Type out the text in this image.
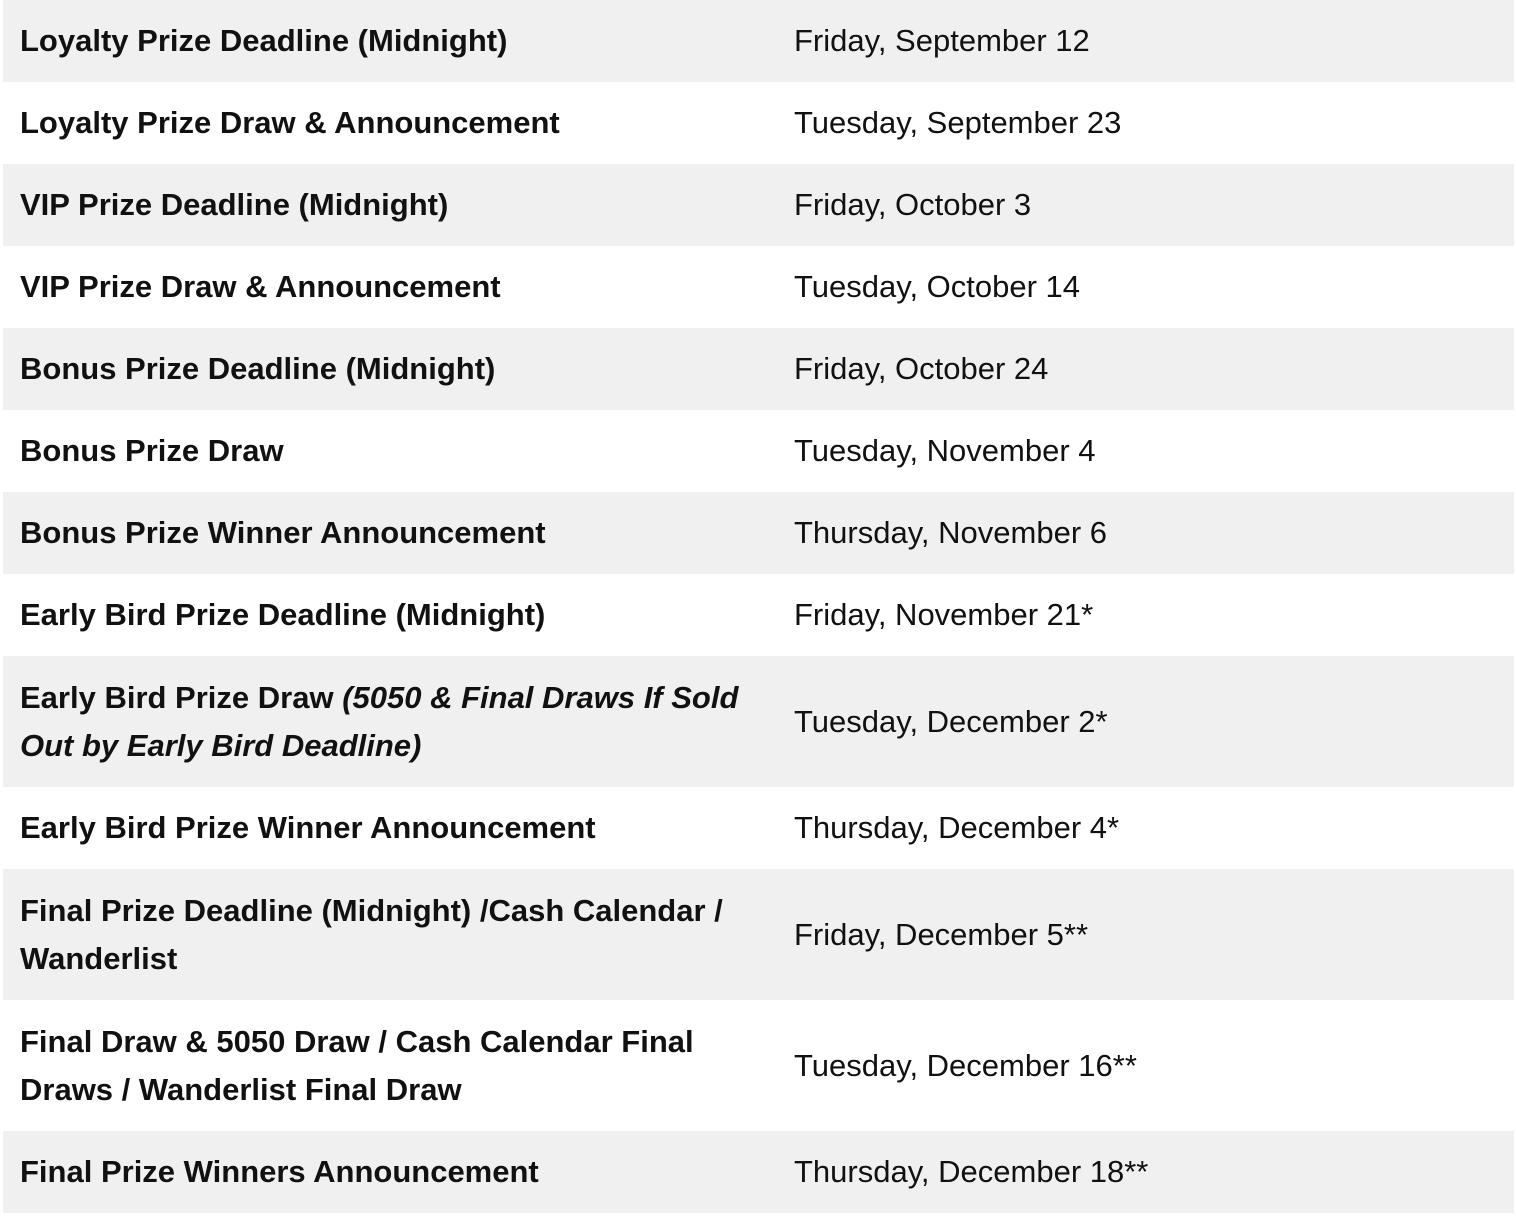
Loyalty Prize Deadline (Midnight)	Friday, September 12
Loyalty Prize Draw & Announcement	Tuesday, September 23
VIP Prize Deadline (Midnight)	Friday, October 3
VIP Prize Draw & Announcement	Tuesday, October 14
Bonus Prize Deadline (Midnight)	Friday, October 24
Bonus Prize Draw	Tuesday, November 4
Bonus Prize Winner Announcement	Thursday, November 6
Early Bird Prize Deadline (Midnight)	Friday, November 21*
Early Bird Prize Draw (5050 & Final Draws If Sold Out by Early Bird Deadline)	Tuesday, December 2*
Early Bird Prize Winner Announcement	Thursday, December 4*
Final Prize Deadline (Midnight) /Cash Calendar / Wanderlist	Friday, December 5**
Final Draw & 5050 Draw / Cash Calendar Final Draws / Wanderlist Final Draw	Tuesday, December 16**
Final Prize Winners Announcement	Thursday, December 18**
